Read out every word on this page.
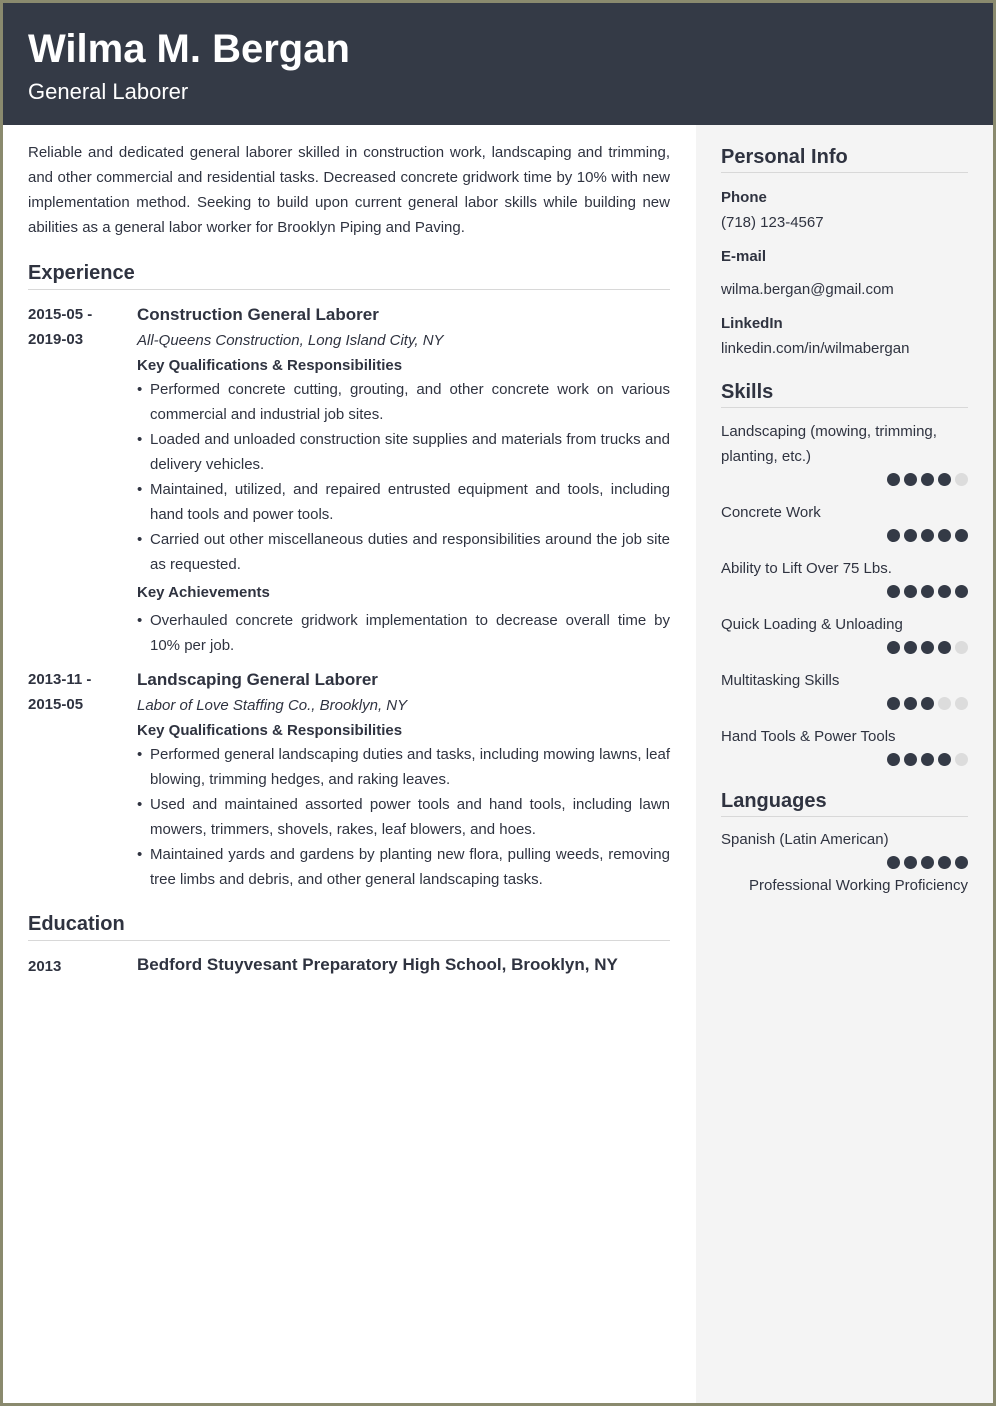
Wilma M. Bergan
General Laborer

Reliable and dedicated general laborer skilled in construction work, landscaping and trimming, and other commercial and residential tasks. Decreased concrete gridwork time by 10% with new implementation method. Seeking to build upon current general labor skills while building new abilities as a general labor worker for Brooklyn Piping and Paving.

Experience
2015-05 -
2019-03
Construction General Laborer
All-Queens Construction, Long Island City, NY
Key Qualifications & Responsibilities
• Performed concrete cutting, grouting, and other concrete work on various commercial and industrial job sites.
• Loaded and unloaded construction site supplies and materials from trucks and delivery vehicles.
• Maintained, utilized, and repaired entrusted equipment and tools, including hand tools and power tools.
• Carried out other miscellaneous duties and responsibilities around the job site as requested.
Key Achievements
• Overhauled concrete gridwork implementation to decrease overall time by 10% per job.
2013-11 -
2015-05
Landscaping General Laborer
Labor of Love Staffing Co., Brooklyn, NY
Key Qualifications & Responsibilities
• Performed general landscaping duties and tasks, including mowing lawns, leaf blowing, trimming hedges, and raking leaves.
• Used and maintained assorted power tools and hand tools, including lawn mowers, trimmers, shovels, rakes, leaf blowers, and hoes.
• Maintained yards and gardens by planting new flora, pulling weeds, removing tree limbs and debris, and other general landscaping tasks.
Education
2013	Bedford Stuyvesant Preparatory High School, Brooklyn, NY
Personal Info
Phone
(718) 123-4567
E-mail
wilma.bergan@gmail.com
LinkedIn
linkedin.com/in/wilmabergan
Skills
Landscaping (mowing, trimming, planting, etc.)
Concrete Work
Ability to Lift Over 75 Lbs.
Quick Loading & Unloading
Multitasking Skills
Hand Tools & Power Tools
Languages
Spanish (Latin American)
Professional Working Proficiency
